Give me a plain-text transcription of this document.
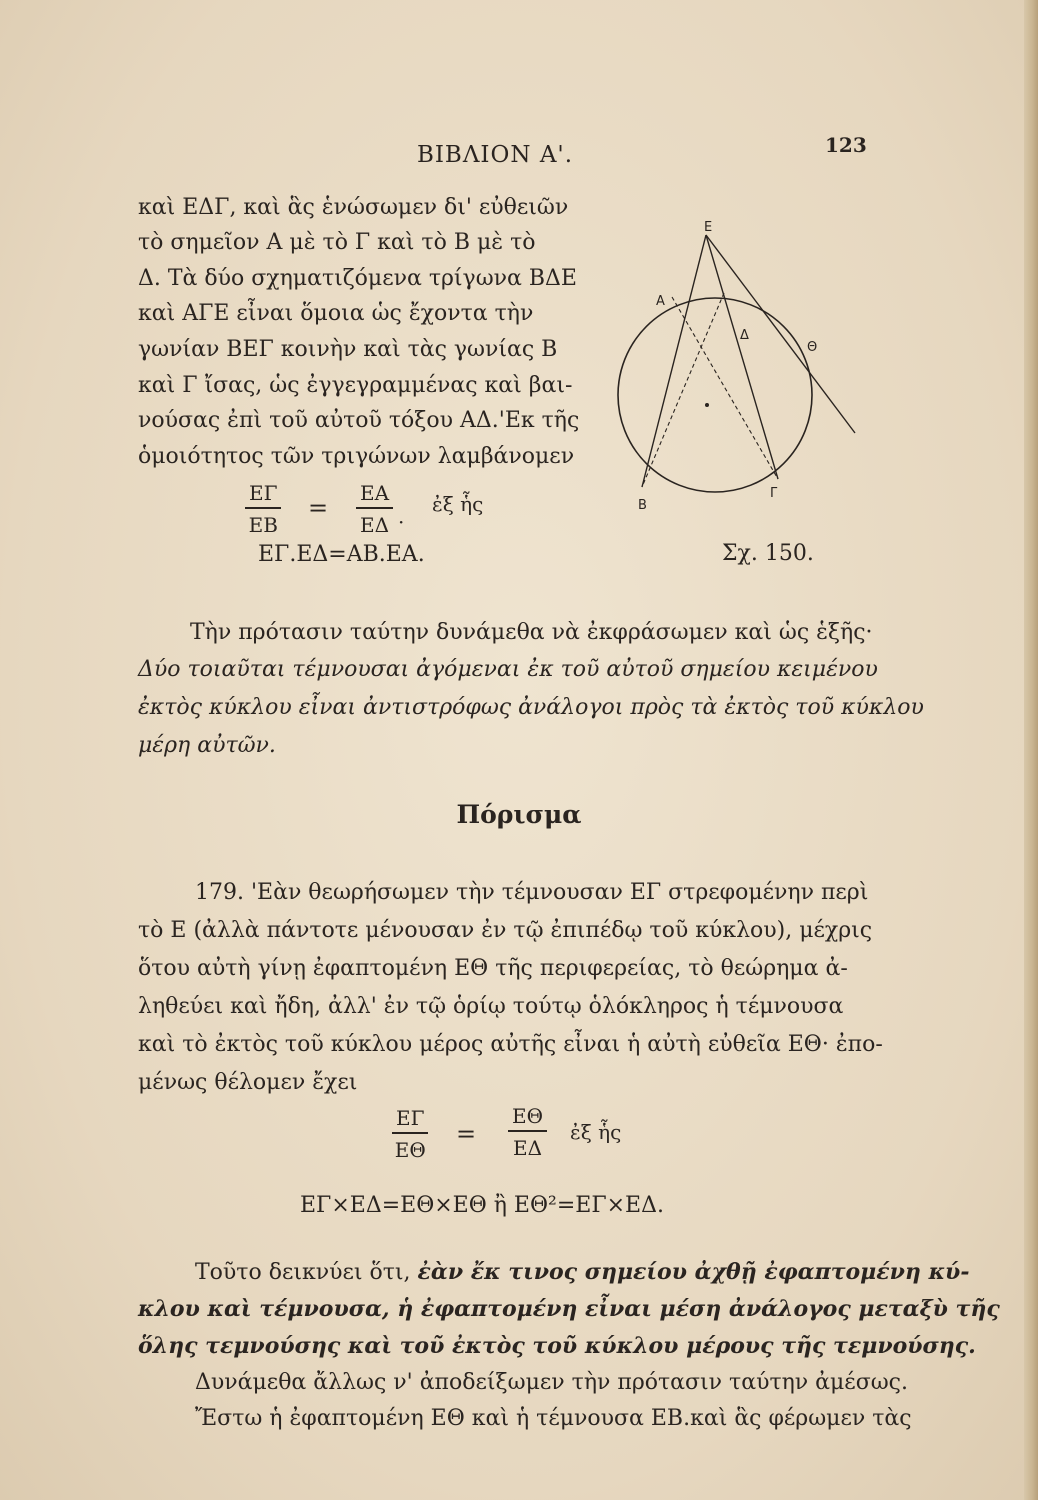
ΒΙΒΛΙΟΝ Α'.	123
καὶ ΕΔΓ, καὶ ἃς ἑνώσωμεν δι' εὐθειῶν
τὸ σημεῖον Α μὲ τὸ Γ καὶ τὸ Β μὲ τὸ
Δ. Τὰ δύο σχηματιζόμενα τρίγωνα ΒΔΕ
καὶ ΑΓΕ εἶναι ὅμοια ὡς ἔχοντα τὴν
γωνίαν ΒΕΓ κοινὴν καὶ τὰς γωνίας Β
καὶ Γ ἴσας, ὡς ἐγγεγραμμένας καὶ βαι-
νούσας ἐπὶ τοῦ αὐτοῦ τόξου ΑΔ.'Εκ τῆς
ὁμοιότητος τῶν τριγώνων λαμβάνομεν
$\frac{E\Gamma}{EB} = \frac{EA}{E\Delta}$ ·
ἐξ ἧς
ΕΓ.ΕΔ=ΑΒ.ΕΑ.
Ε
Α
Δ
Θ
Β
Γ
Σχ. 150.
Τὴν πρότασιν ταύτην δυνάμεθα νὰ ἐκφράσωμεν καὶ ὡς ἑξῆς·
Δύο τοιαῦται τέμνουσαι ἀγόμεναι ἐκ τοῦ αὐτοῦ σημείου κειμένου
ἐκτὸς κύκλου εἶναι ἀντιστρόφως ἀνάλογοι πρὸς τὰ ἐκτὸς τοῦ κύκλου
μέρη αὐτῶν.
Πόρισμα
179. 'Εὰν θεωρήσωμεν τὴν τέμνουσαν ΕΓ στρεφομένην περὶ
τὸ Ε (ἀλλὰ πάντοτε μένουσαν ἐν τῷ ἐπιπέδῳ τοῦ κύκλου), μέχρις
ὅτου αὐτὴ γίνῃ ἐφαπτομένη ΕΘ τῆς περιφερείας, τὸ θεώρημα ἀ-
ληθεύει καὶ ἤδη, ἀλλ' ἐν τῷ ὁρίῳ τούτῳ ὁλόκληρος ἡ τέμνουσα
καὶ τὸ ἐκτὸς τοῦ κύκλου μέρος αὐτῆς εἶναι ἡ αὐτὴ εὐθεῖα ΕΘ· ἐπο-
μένως θέλομεν ἔχει
$\frac{E\Gamma}{E\Theta} = \frac{E\Theta}{E\Delta}$ ἐξ ἧς
ΕΓ×ΕΔ=ΕΘ×ΕΘ ἢ ΕΘ²=ΕΓ×ΕΔ.
Τοῦτο δεικνύει ὅτι, ἐὰν ἔκ τινος σημείου ἀχθῇ ἐφαπτομένη κύ-
κλου καὶ τέμνουσα, ἡ ἐφαπτομένη εἶναι μέση ἀνάλογος μεταξὺ τῆς
ὅλης τεμνούσης καὶ τοῦ ἐκτὸς τοῦ κύκλου μέρους τῆς τεμνούσης.
Δυνάμεθα ἄλλως ν' ἀποδείξωμεν τὴν πρότασιν ταύτην ἀμέσως.
Ἔστω ἡ ἐφαπτομένη ΕΘ καὶ ἡ τέμνουσα ΕΒ.καὶ ἃς φέρωμεν τὰς
